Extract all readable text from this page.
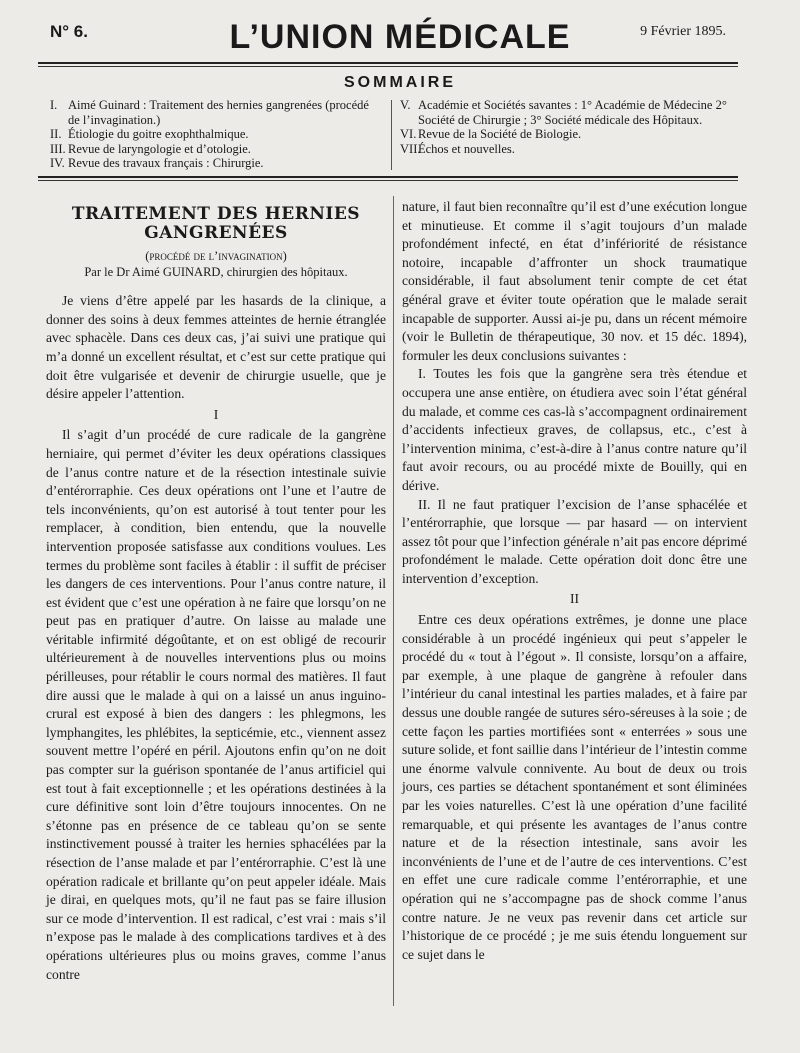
N° 6.	L’UNION MÉDICALE	9 Février 1895.
SOMMAIRE
I. Aimé Guinard : Traitement des hernies gangrenées (procédé de l’invagination.)
II. Étiologie du goitre exophthalmique.
III. Revue de laryngologie et d’otologie.
IV. Revue des travaux français : Chirurgie.
V. Académie et Sociétés savantes : 1° Académie de Médecine 2° Société de Chirurgie ; 3° Société médicale des Hôpitaux.
VI. Revue de la Société de Biologie.
VII.
Échos et nouvelles.
TRAITEMENT DES HERNIES GANGRENÉES
(procédé de l’invagination)
Par le Dr Aimé GUINARD, chirurgien des hôpitaux.

Je viens d’être appelé par les hasards de la clinique, a donner des soins à deux femmes atteintes de hernie étranglée avec sphacèle. Dans ces deux cas, j’ai suivi une pratique qui m’a donné un excellent résultat, et c’est sur cette pratique qui doit être vulgarisée et devenir de chirurgie usuelle, que je désire appeler l’attention.

I

Il s’agit d’un procédé de cure radicale de la gangrène herniaire, qui permet d’éviter les deux opérations classiques de l’anus contre nature et de la résection intestinale suivie d’entérorraphie. Ces deux opérations ont l’une et l’autre de tels inconvénients, qu’on est autorisé à tout tenter pour les remplacer, à condition, bien entendu, que la nouvelle intervention proposée satisfasse aux conditions voulues. Les termes du problème sont faciles à établir : il suffit de préciser les dangers de ces interventions. Pour l’anus contre nature, il est évident que c’est une opération à ne faire que lorsqu’on ne peut pas en pratiquer d’autre. On laisse au malade une véritable infirmité dégoûtante, et on est obligé de recourir ultérieurement à de nouvelles interventions plus ou moins périlleuses, pour rétablir le cours normal des matières. Il faut dire aussi que le malade à qui on a laissé un anus inguino-crural est exposé à bien des dangers : les phlegmons, les lymphangites, les phlébites, la septicémie, etc., viennent assez souvent mettre l’opéré en péril. Ajoutons enfin qu’on ne doit pas compter sur la guérison spontanée de l’anus artificiel qui est tout à fait exceptionnelle ; et les opérations destinées à la cure définitive sont loin d’être toujours innocentes. On ne s’étonne pas en présence de ce tableau qu’on se sente instinctivement poussé à traiter les hernies sphacélées par la résection de l’anse malade et par l’entérorraphie. C’est là une opération radicale et brillante qu’on peut appeler idéale. Mais je dirai, en quelques mots, qu’il ne faut pas se faire illusion sur ce mode d’intervention. Il est radical, c’est vrai : mais s’il n’expose pas le malade à des complications tardives et à des opérations ultérieures plus ou moins graves, comme l’anus contre

nature, il faut bien reconnaître qu’il est d’une exécution longue et minutieuse. Et comme il s’agit toujours d’un malade profondément infecté, en état d’infériorité de résistance notoire, incapable d’affronter un shock traumatique considérable, il faut absolument tenir compte de cet état général grave et éviter toute opération que le malade serait incapable de supporter. Aussi ai-je pu, dans un récent mémoire (voir le Bulletin de thérapeutique, 30 nov. et 15 déc. 1894), formuler les deux conclusions suivantes :

I. Toutes les fois que la gangrène sera très étendue et occupera une anse entière, on étudiera avec soin l’état général du malade, et comme ces cas-là s’accompagnent ordinairement d’accidents infectieux graves, de collapsus, etc., c’est à l’intervention minima, c’est-à-dire à l’anus contre nature qu’il faut avoir recours, ou au procédé mixte de Bouilly, qui en dérive.

II. Il ne faut pratiquer l’excision de l’anse sphacélée et l’entérorraphie, que lorsque — par hasard — on intervient assez tôt pour que l’infection générale n’ait pas encore déprimé profondément le malade. Cette opération doit donc être une intervention d’exception.

II

Entre ces deux opérations extrêmes, je donne une place considérable à un procédé ingénieux qui peut s’appeler le procédé du « tout à l’égout ». Il consiste, lorsqu’on a affaire, par exemple, à une plaque de gangrène à refouler dans l’intérieur du canal intestinal les parties malades, et à faire par dessus une double rangée de sutures séro-séreuses à la soie ; de cette façon les parties mortifiées sont « enterrées » sous une suture solide, et font saillie dans l’intérieur de l’intestin comme une énorme valvule connivente. Au bout de deux ou trois jours, ces parties se détachent spontanément et sont éliminées par les voies naturelles. C’est là une opération d’une facilité remarquable, et qui présente les avantages de l’anus contre nature et de la résection intestinale, sans avoir les inconvénients de l’une et de l’autre de ces interventions. C’est en effet une cure radicale comme l’entérorraphie, et une opération qui ne s’accompagne pas de shock comme l’anus contre nature. Je ne veux pas revenir dans cet article sur l’historique de ce procédé ; je me suis étendu longuement sur ce sujet dans le
